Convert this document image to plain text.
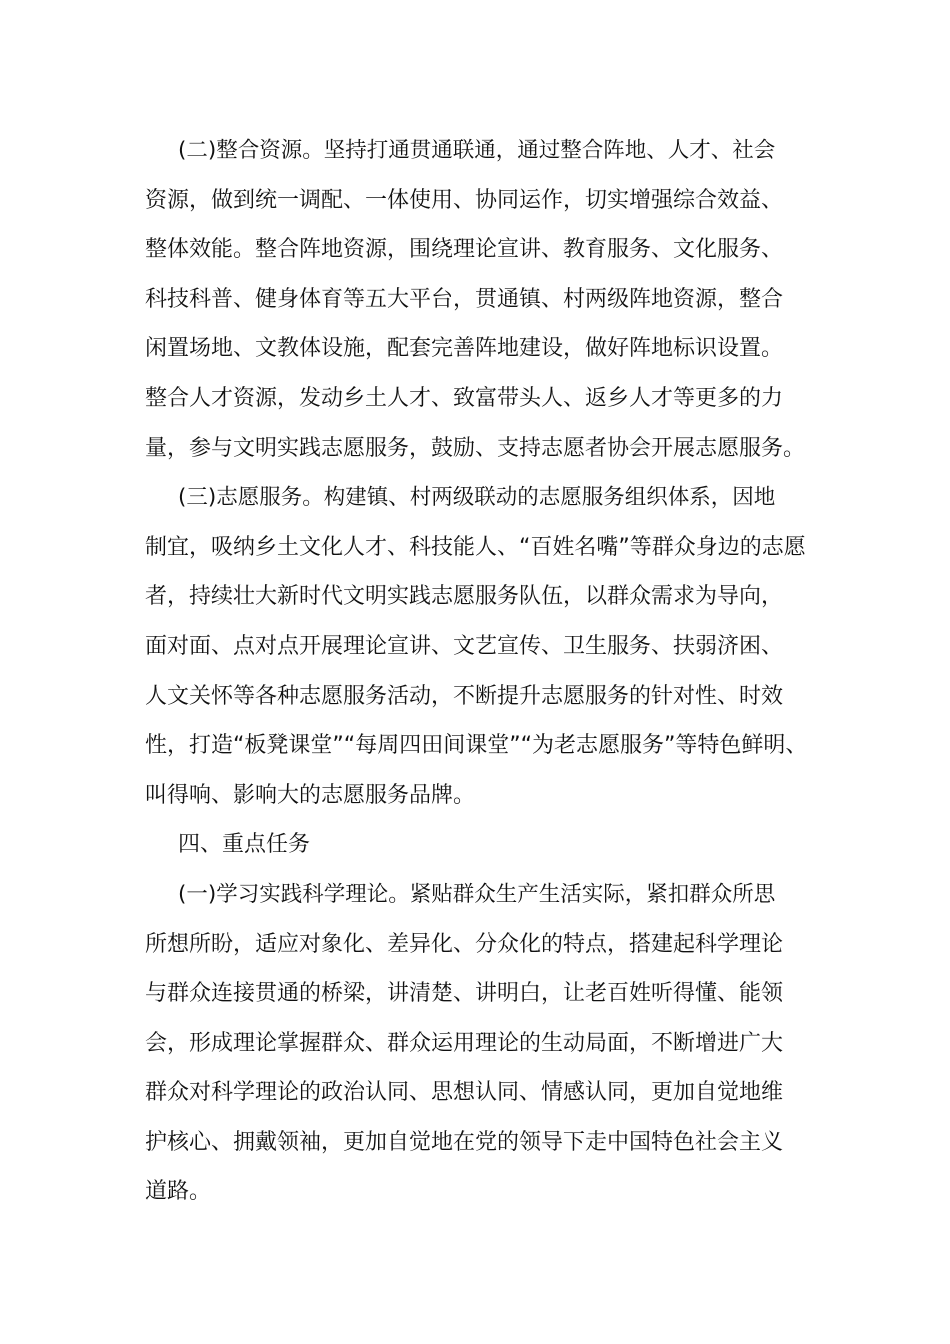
(二)整合资源。坚持打通贯通联通，通过整合阵地、人才、社会
资源，做到统一调配、一体使用、协同运作，切实增强综合效益、
整体效能。整合阵地资源，围绕理论宣讲、教育服务、文化服务、
科技科普、健身体育等五大平台，贯通镇、村两级阵地资源，整合
闲置场地、文教体设施，配套完善阵地建设，做好阵地标识设置。
整合人才资源，发动乡土人才、致富带头人、返乡人才等更多的力
量，参与文明实践志愿服务，鼓励、支持志愿者协会开展志愿服务。

(三)志愿服务。构建镇、村两级联动的志愿服务组织体系，因地
制宜，吸纳乡土文化人才、科技能人、“百姓名嘴”等群众身边的志愿
者，持续壮大新时代文明实践志愿服务队伍，以群众需求为导向，
面对面、点对点开展理论宣讲、文艺宣传、卫生服务、扶弱济困、
人文关怀等各种志愿服务活动，不断提升志愿服务的针对性、时效
性，打造“板凳课堂”“每周四田间课堂”“为老志愿服务”等特色鲜明、
叫得响、影响大的志愿服务品牌。

四、重点任务

(一)学习实践科学理论。紧贴群众生产生活实际，紧扣群众所思
所想所盼，适应对象化、差异化、分众化的特点，搭建起科学理论
与群众连接贯通的桥梁，讲清楚、讲明白，让老百姓听得懂、能领
会，形成理论掌握群众、群众运用理论的生动局面，不断增进广大
群众对科学理论的政治认同、思想认同、情感认同，更加自觉地维
护核心、拥戴领袖，更加自觉地在党的领导下走中国特色社会主义
道路。
